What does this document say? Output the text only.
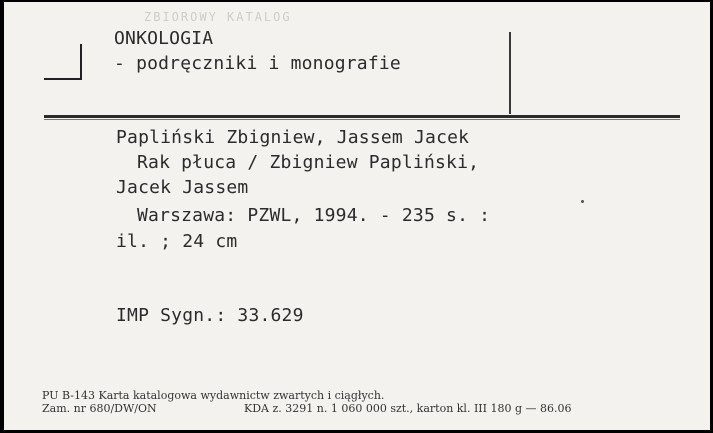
ZBIOROWY KATALOG
ONKOLOGIA
- podręczniki i monografie
Papliński Zbigniew, Jassem Jacek
Rak płuca / Zbigniew Papliński,
Jacek Jassem
Warszawa: PZWL, 1994. - 235 s. :
il. ; 24 cm
IMP Sygn.: 33.629
PU B-143 Karta katalogowa wydawnictw zwartych i ciągłych.
Zam. nr 680/DW/ON	KDA z. 3291 n. 1 060 000 szt., karton kl. III 180 g — 86.06
